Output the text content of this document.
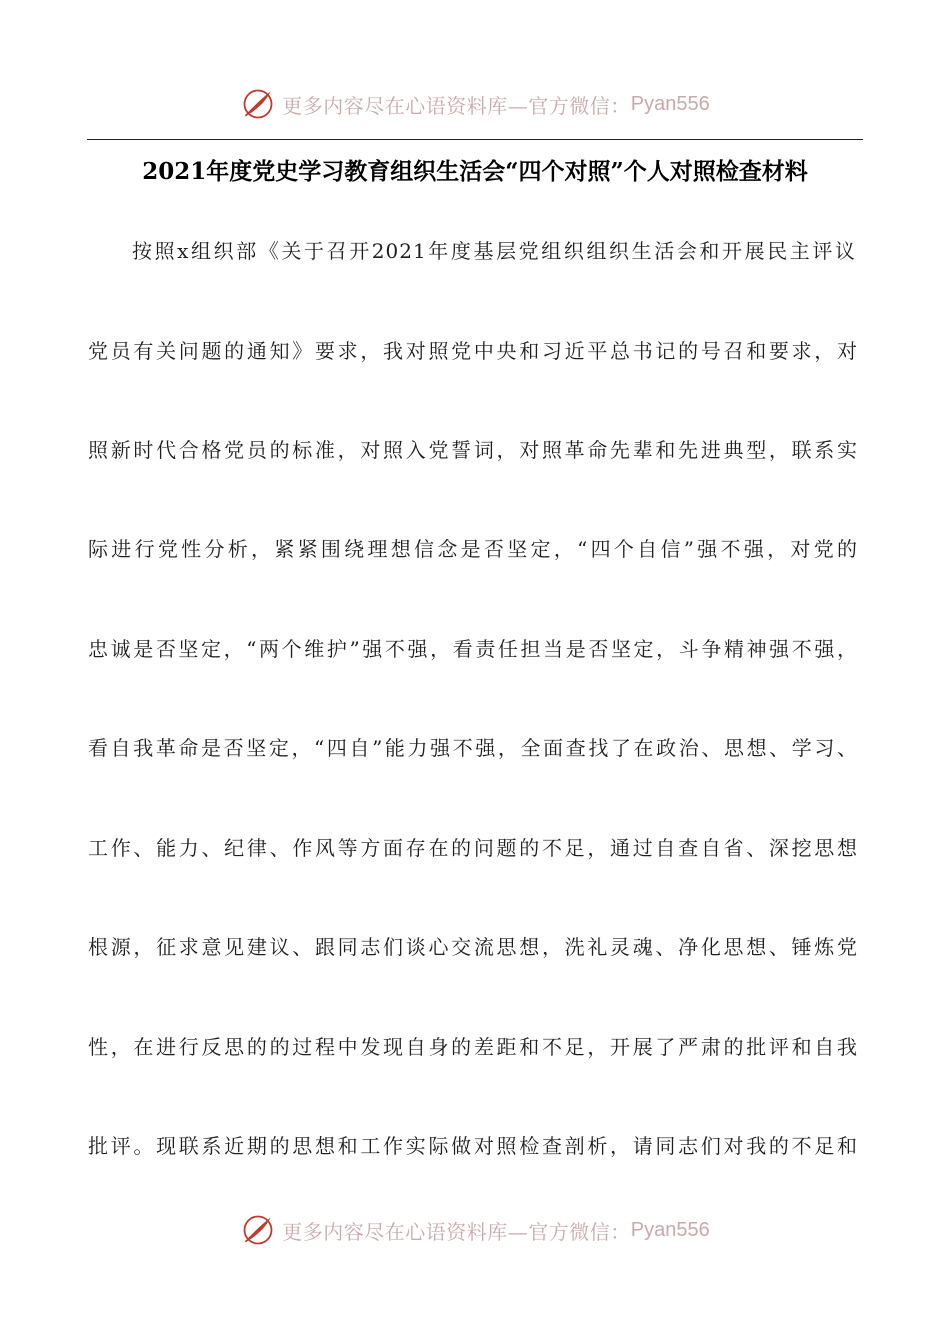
更多内容尽在心语资料库—官方微信： Pyan556
2021年度党史学习教育组织生活会“四个对照”个人对照检查材料
按照x组织部《关于召开2021年度基层党组织组织生活会和开展民主评议
党员有关问题的通知》要求，我对照党中央和习近平总书记的号召和要求，对
照新时代合格党员的标准，对照入党誓词，对照革命先辈和先进典型，联系实
际进行党性分析，紧紧围绕理想信念是否坚定，“四个自信”强不强，对党的
忠诚是否坚定，“两个维护”强不强，看责任担当是否坚定，斗争精神强不强，
看自我革命是否坚定，“四自”能力强不强，全面查找了在政治、思想、学习、
工作、能力、纪律、作风等方面存在的问题的不足，通过自查自省、深挖思想
根源，征求意见建议、跟同志们谈心交流思想，洗礼灵魂、净化思想、锤炼党
性，在进行反思的的过程中发现自身的差距和不足，开展了严肃的批评和自我
批评。现联系近期的思想和工作实际做对照检查剖析，请同志们对我的不足和
更多内容尽在心语资料库—官方微信： Pyan556
